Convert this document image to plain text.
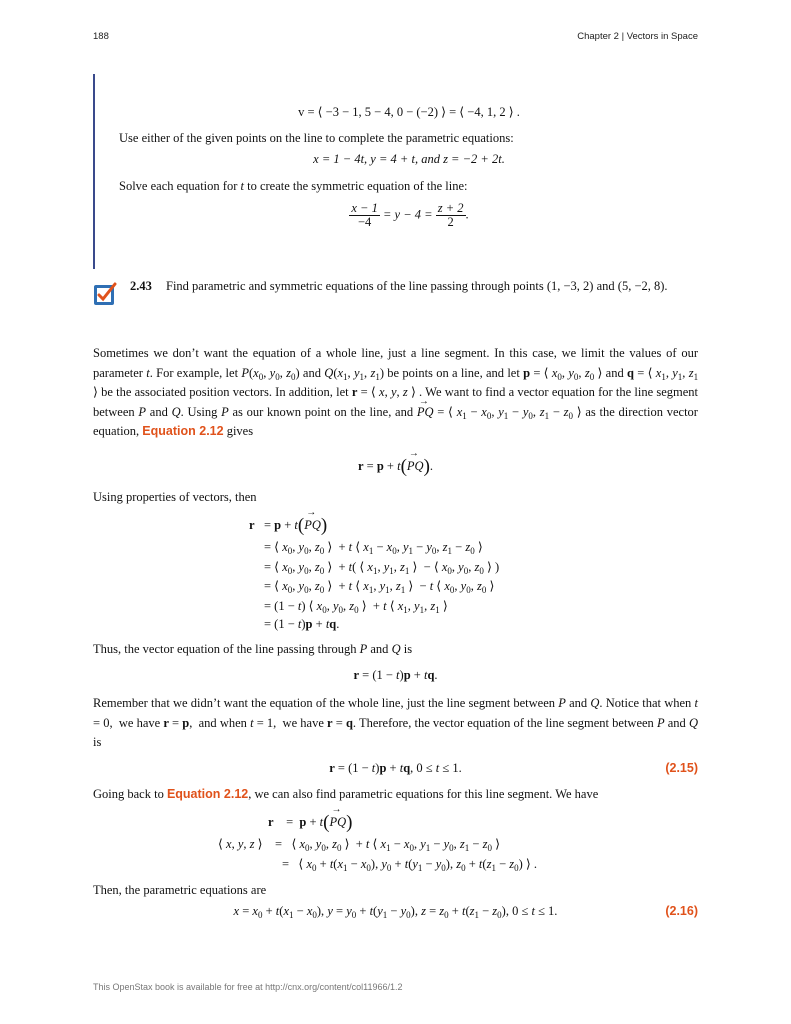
188	Chapter 2 | Vectors in Space
v = ⟨ −3 − 1, 5 − 4, 0 − (−2) ⟩ = ⟨ −4, 1, 2 ⟩ .
Use either of the given points on the line to complete the parametric equations:
x = 1 − 4t, y = 4 + t, and z = −2 + 2t.
Solve each equation for t to create the symmetric equation of the line:
$\frac{x - 1}{-4} = y - 4 = \frac{z + 2}{2}$ .
2.43 Find parametric and symmetric equations of the line passing through points (1, −3, 2) and (5, −2, 8).
Sometimes we don’t want the equation of a whole line, just a line segment. In this case, we limit the values of our parameter t. For example, let $P(x_0$, $y_0$, $z_0$) and $Q(x_1$, $y_1$, $z_1$) be points on a line, and let p = ⟨ $x_0$, $y_0$, $z_0$ ⟩ and q = ⟨ $x_1$, $y_1$, $z_1$ ⟩ be the associated position vectors. In addition, let r = ⟨ x, y, z ⟩ . We want to find a vector equation for the line segment between P and Q. Using P as our known point on the line, and → PQ = ⟨ $x_1 - x_0$, $y_1 - y_0$, $z_1 - z_0$ ⟩ as the direction vector equation, Equation 2.12 gives
r = p + t(→ PQ).
Using properties of vectors, then
r   = p + t(→ PQ)
= ⟨ $x_0$, $y_0$, $z_0$ ⟩  + t ⟨ $x_1 - x_0$, $y_1 - y_0$, $z_1 - z_0$ ⟩
= ⟨ $x_0$, $y_0$, $z_0$ ⟩  + t( ⟨ $x_1$, $y_1$, $z_1$ ⟩  − ⟨ $x_0$, $y_0$, $z_0$ ⟩ )
= ⟨ $x_0$, $y_0$, $z_0$ ⟩  + t ⟨ $x_1$, $y_1$, $z_1$ ⟩  − t ⟨ $x_0$, $y_0$, $z_0$ ⟩
= (1 − t) ⟨ $x_0$, $y_0$, $z_0$ ⟩  + t ⟨ $x_1$, $y_1$, $z_1$ ⟩
= (1 − t)p + tq.
Thus, the vector equation of the line passing through P and Q is
r = (1 − t)p + tq.
Remember that we didn’t want the equation of the whole line, just the line segment between P and Q. Notice that when t = 0,  we have r = p,  and when t = 1,  we have r = q. Therefore, the vector equation of the line segment between P and Q is
r = (1 − t)p + tq, 0 ≤ t ≤ 1.	(2.15)
Going back to Equation 2.12, we can also find parametric equations for this line segment. We have
r    =  p + t(→ PQ)
⟨ x, y, z ⟩    =   ⟨ $x_0$, $y_0$, $z_0$ ⟩  + t ⟨ $x_1 - x_0$, $y_1 - y_0$, $z_1 - z_0$ ⟩
=   ⟨ $x_0 + t(x_1 - x_0)$, $y_0 + t(y_1 - y_0)$, $z_0 + t(z_1 - z_0)$ ⟩ .
Then, the parametric equations are
$x = x_0 + t(x_1 - x_0)$, $y = y_0 + t(y_1 - y_0)$, $z = z_0 + t(z_1 - z_0)$, 0 ≤ t ≤ 1.	(2.16)
This OpenStax book is available for free at http://cnx.org/content/col11966/1.2
